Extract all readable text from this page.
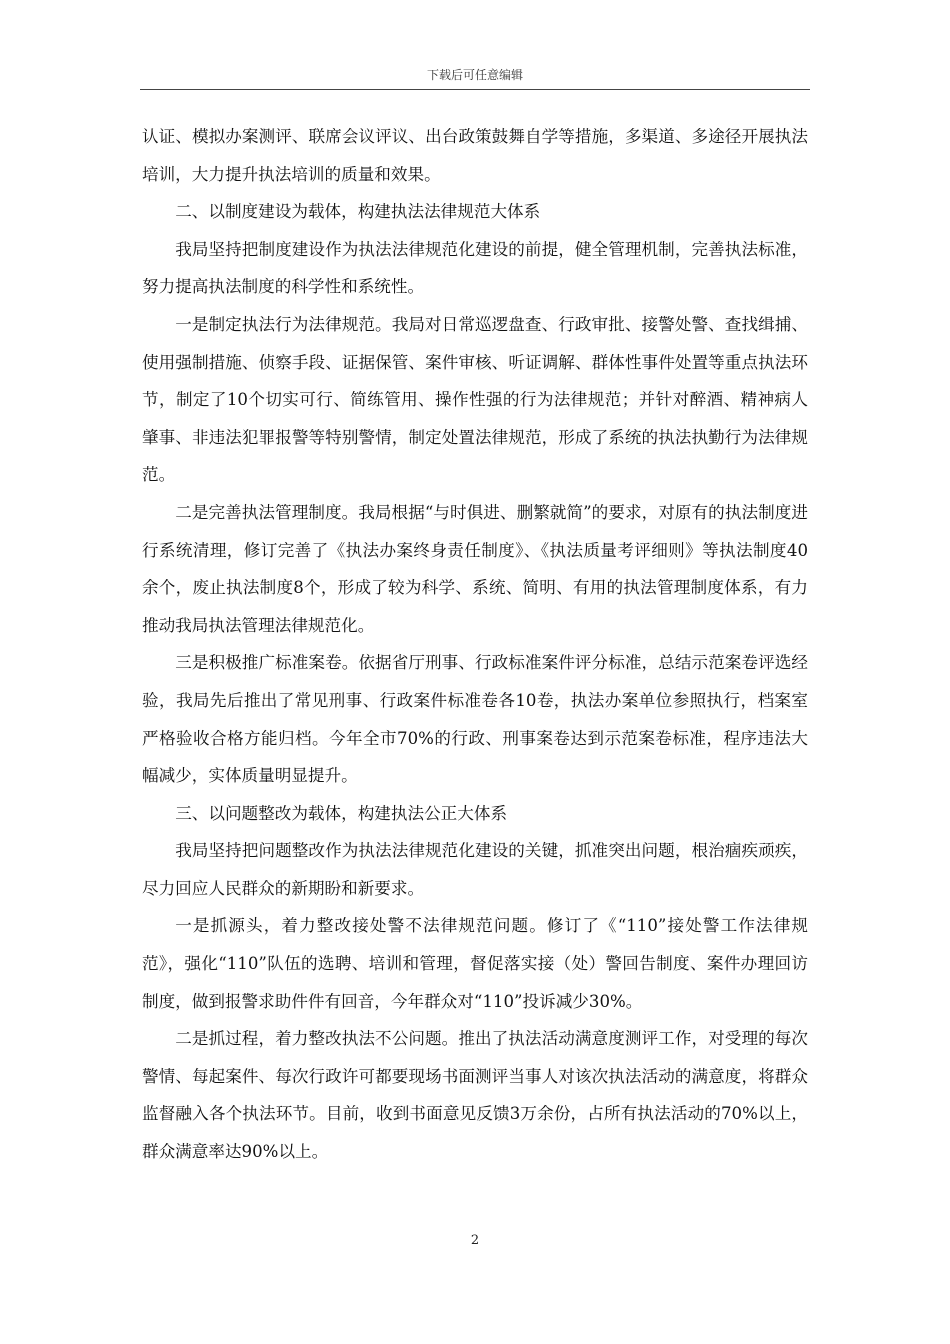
下载后可任意编辑

认证、模拟办案测评、联席会议评议、出台政策鼓舞自学等措施，多渠道、多途径开展执法培训，大力提升执法培训的质量和效果。

二、以制度建设为载体，构建执法法律规范大体系

我局坚持把制度建设作为执法法律规范化建设的前提，健全管理机制，完善执法标准，努力提高执法制度的科学性和系统性。

一是制定执法行为法律规范。我局对日常巡逻盘查、行政审批、接警处警、查找缉捕、使用强制措施、侦察手段、证据保管、案件审核、听证调解、群体性事件处置等重点执法环节，制定了10个切实可行、简练管用、操作性强的行为法律规范；并针对醉酒、精神病人肇事、非违法犯罪报警等特别警情，制定处置法律规范，形成了系统的执法执勤行为法律规范。

二是完善执法管理制度。我局根据“与时俱进、删繁就简”的要求，对原有的执法制度进行系统清理，修订完善了《执法办案终身责任制度》、《执法质量考评细则》等执法制度40余个，废止执法制度8个，形成了较为科学、系统、简明、有用的执法管理制度体系，有力推动我局执法管理法律规范化。

三是积极推广标准案卷。依据省厅刑事、行政标准案件评分标准，总结示范案卷评选经验，我局先后推出了常见刑事、行政案件标准卷各10卷，执法办案单位参照执行，档案室严格验收合格方能归档。今年全市70%的行政、刑事案卷达到示范案卷标准，程序违法大幅减少，实体质量明显提升。

三、以问题整改为载体，构建执法公正大体系

我局坚持把问题整改作为执法法律规范化建设的关键，抓准突出问题，根治痼疾顽疾，尽力回应人民群众的新期盼和新要求。

一是抓源头，着力整改接处警不法律规范问题。修订了《“110”接处警工作法律规范》，强化“110”队伍的选聘、培训和管理，督促落实接（处）警回告制度、案件办理回访制度，做到报警求助件件有回音，今年群众对“110”投诉减少30%。

二是抓过程，着力整改执法不公问题。推出了执法活动满意度测评工作，对受理的每次警情、每起案件、每次行政许可都要现场书面测评当事人对该次执法活动的满意度，将群众监督融入各个执法环节。目前，收到书面意见反馈3万余份，占所有执法活动的70%以上，群众满意率达90%以上。

2
